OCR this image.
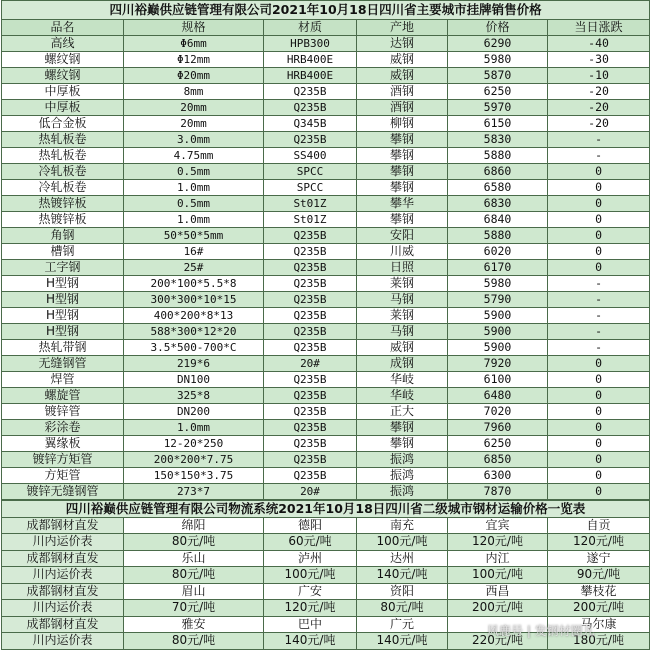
四川裕巅供应链管理有限公司2021年10月18日四川省主要城市挂牌销售价格					
品名	规格	材质	产地	价格	当日涨跌
高线	Φ6mm	HPB300	达钢	6290	-40
螺纹钢	Φ12mm	HRB400E	威钢	5980	-30
螺纹钢	Φ20mm	HRB400E	威钢	5870	-10
中厚板	8mm	Q235B	酒钢	6250	-20
中厚板	20mm	Q235B	酒钢	5970	-20
低合金板	20mm	Q345B	柳钢	6150	-20
热轧板卷	3.0mm	Q235B	攀钢	5830	-
热轧板卷	4.75mm	SS400	攀钢	5880	-
冷轧板卷	0.5mm	SPCC	攀钢	6860	0
冷轧板卷	1.0mm	SPCC	攀钢	6580	0
热镀锌板	0.5mm	St01Z	攀华	6830	0
热镀锌板	1.0mm	St01Z	攀钢	6840	0
角钢	50*50*5mm	Q235B	安阳	5880	0
槽钢	16#	Q235B	川威	6020	0
工字钢	25#	Q235B	日照	6170	0
H型钢	200*100*5.5*8	Q235B	莱钢	5980	-
H型钢	300*300*10*15	Q235B	马钢	5790	-
H型钢	400*200*8*13	Q235B	莱钢	5900	-
H型钢	588*300*12*20	Q235B	马钢	5900	-
热轧带钢	3.5*500-700*C	Q235B	威钢	5900	-
无缝钢管	219*6	20#	成钢	7920	0
焊管	DN100	Q235B	华岐	6100	0
螺旋管	325*8	Q235B	华岐	6480	0
镀锌管	DN200	Q235B	正大	7020	0
彩涂卷	1.0mm	Q235B	攀钢	7960	0
翼缘板	12-20*250	Q235B	攀钢	6250	0
镀锌方矩管	200*200*7.75	Q235B	振鸿	6850	0
方矩管	150*150*3.75	Q235B	振鸿	6300	0
镀锌无缝钢管	273*7	20#	振鸿	7870	0
四川裕巅供应链管理有限公司物流系统2021年10月18日四川省二级城市钢材运输价格一览表					
成都钢材直发	绵阳	德阳	南充	宜宾	自贡
川内运价表	80元/吨	60元/吨	100元/吨	120元/吨	120元/吨
成都钢材直发	乐山	泸州	达州	内江	遂宁
川内运价表	80元/吨	100元/吨	140元/吨	100元/吨	90元/吨
成都钢材直发	眉山	广安	资阳	西昌	攀枝花
川内运价表	70元/吨	120元/吨	80元/吨	200元/吨	200元/吨
成都钢材直发	雅安	巴中	广元		马尔康
川内运价表	80元/吨	140元/吨	140元/吨	220元/吨	180元/吨
风鹿号 | 发钢材圈儿
